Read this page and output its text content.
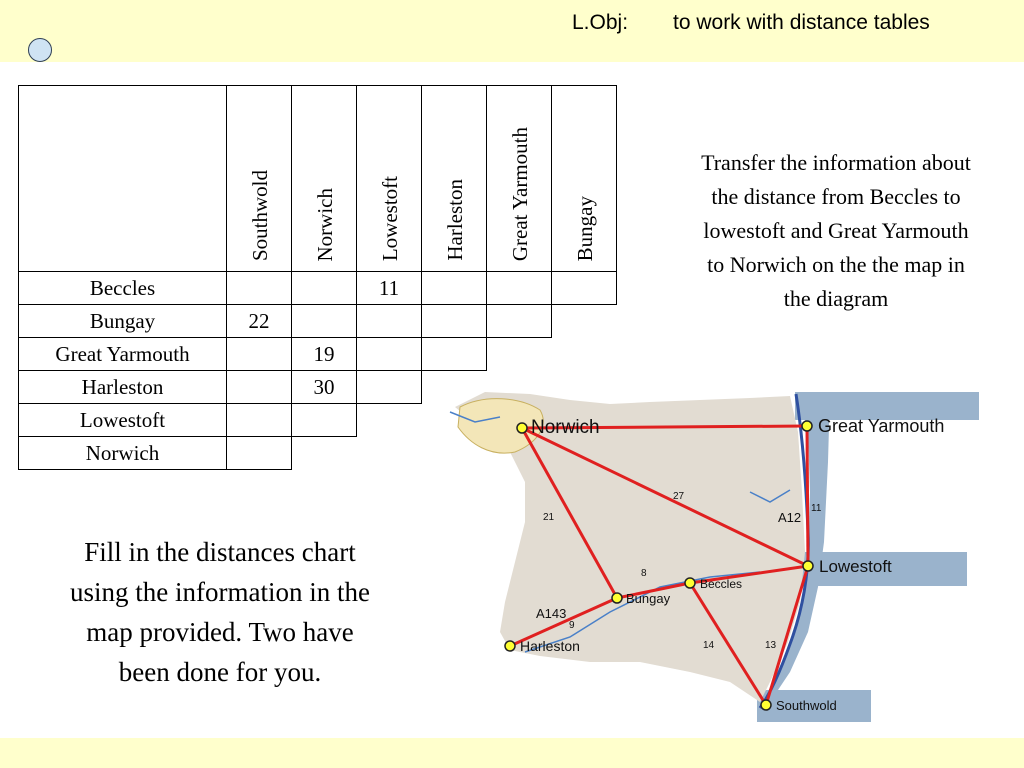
L.Obj: to work with distance tables
	Southwold	Norwich	Lowestoft	Harleston	Great Yarmouth	Bungay
Beccles			11			
Bungay	22					
Great Yarmouth		19				
Harleston		30				
Lowestoft						
Norwich						
Transfer the information about
the distance from Beccles to
lowestoft and Great Yarmouth
to Norwich on the the map in
the diagram
Fill in the distances chart
using the information in the
map provided. Two have
been done for you.
Norwich	Great Yarmouth
Lowestoft
Beccles
Bungay
Harleston
Southwold
27
21
11
8
9
14	13
A12
A143
